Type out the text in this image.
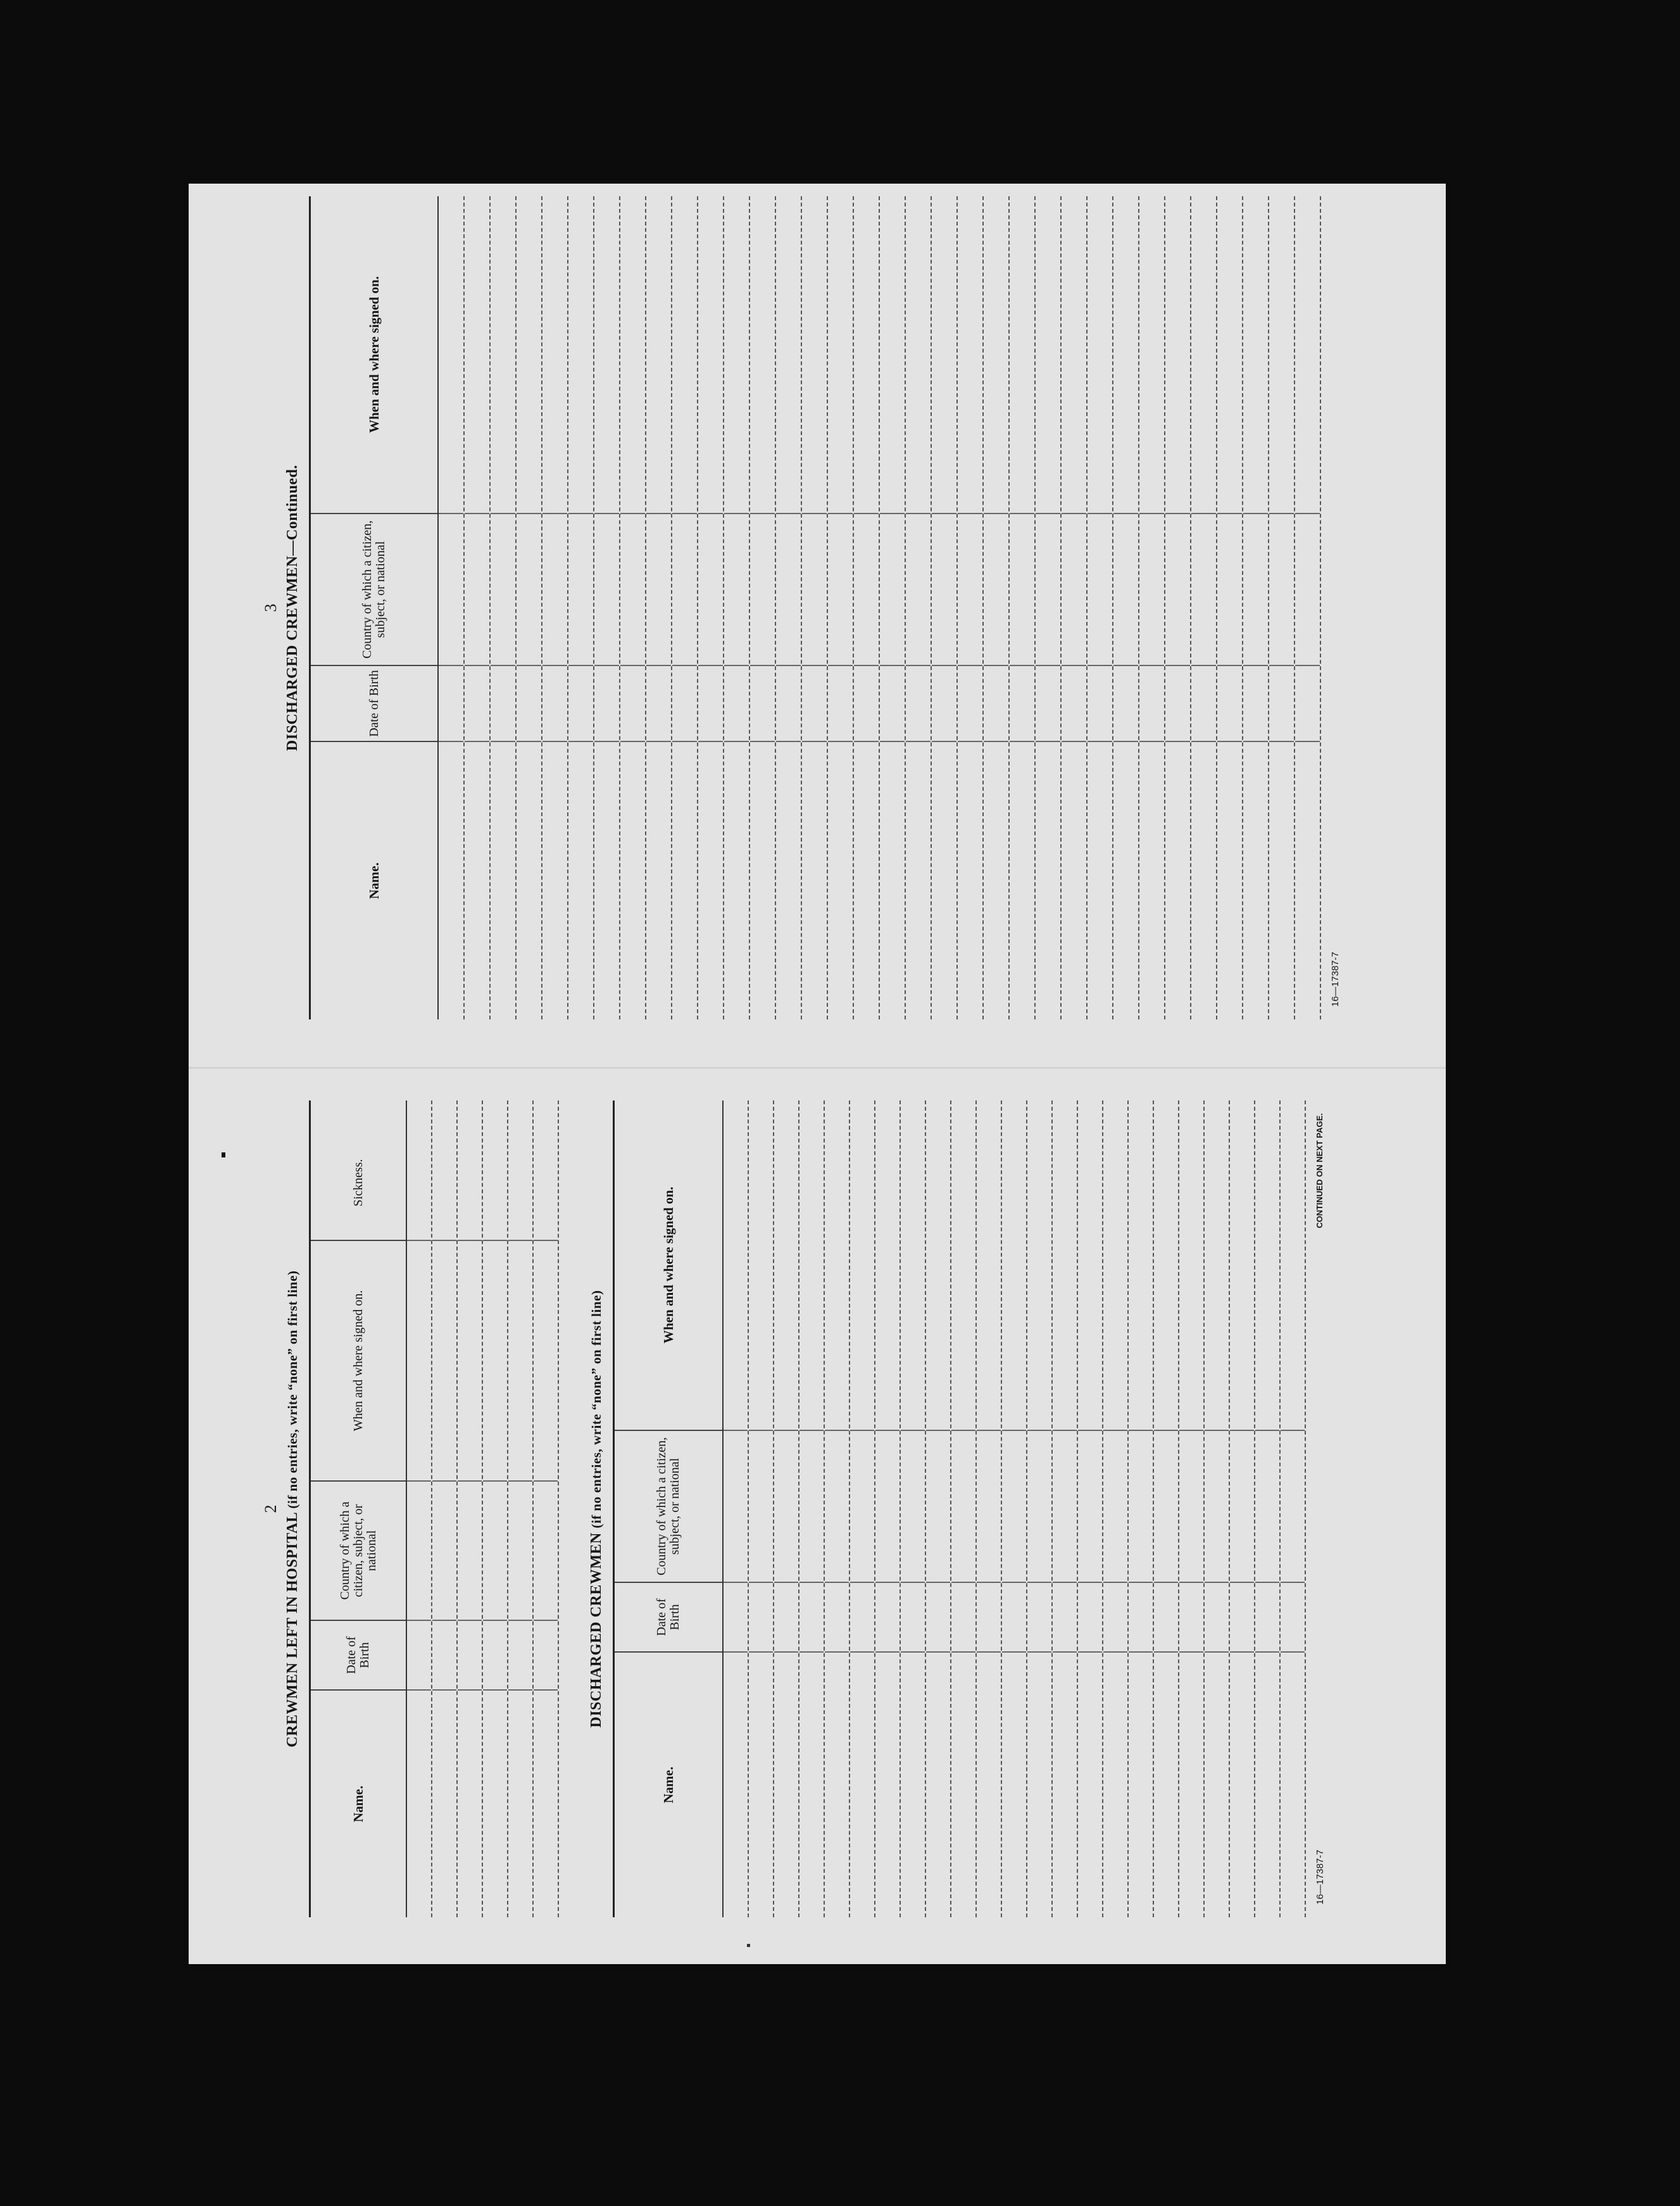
3 DISCHARGED CREWMEN—Continued.
Name.
Date of Birth
Country of which a citizen, subject, or national
When and where signed on.
16—17387-7
2
CREWMEN LEFT IN HOSPITAL (if no entries, write “none” on first line)
Name.
Date of Birth
Country of which a citizen, subject, or national
When and where signed on.
Sickness.
DISCHARGED CREWMEN (if no entries, write “none” on first line)
Name.
Date of Birth
Country of which a citizen, subject, or national
When and where signed on.
16—17387-7
CONTINUED ON NEXT PAGE.
